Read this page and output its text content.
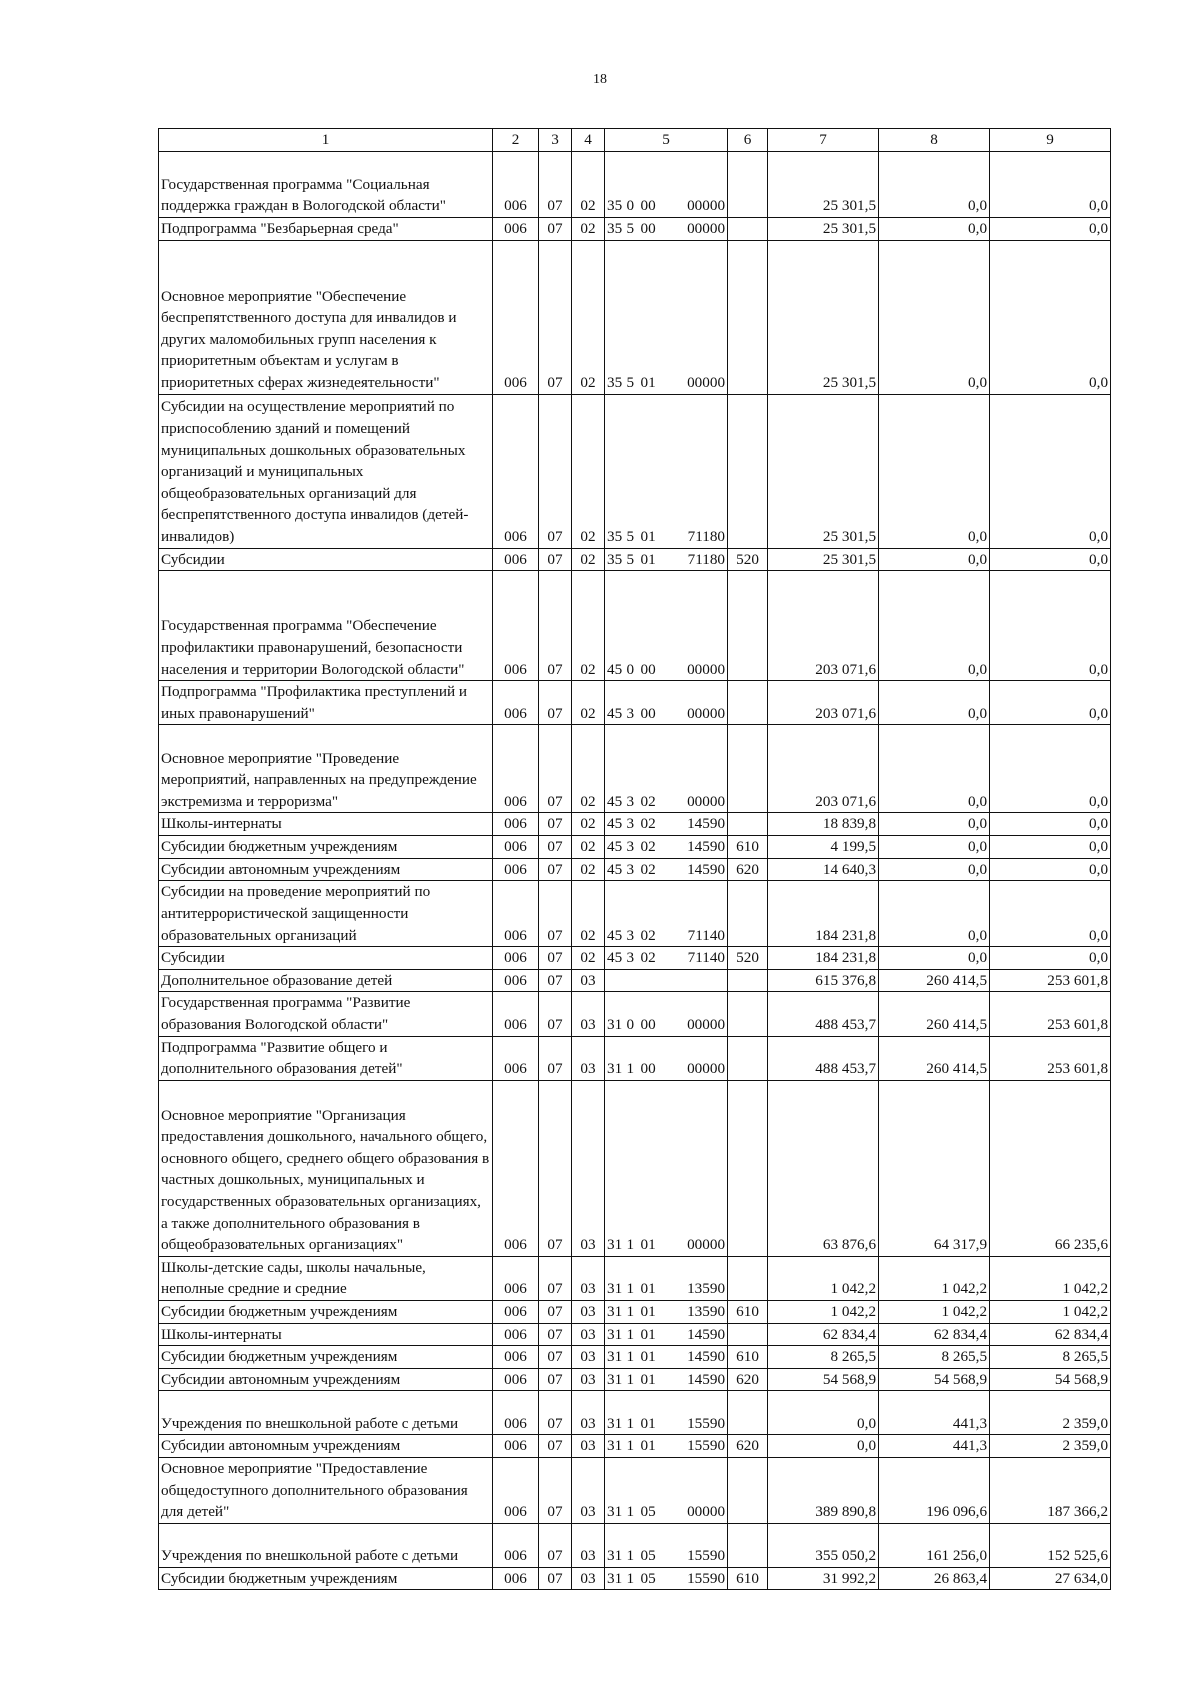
18
1	2	3	4	5				6	7	8	9
Государственная программа "Социальная поддержка граждан в Вологодской области"	006	07	02	35	0	00	00000		25 301,5	0,0	0,0
Подпрограмма "Безбарьерная среда"	006	07	02	35	5	00	00000		25 301,5	0,0	0,0
Основное мероприятие "Обеспечение беспрепятственного доступа для инвалидов и других маломобильных групп населения к приоритетным объектам и услугам в приоритетных сферах жизнедеятельности"	006	07	02	35	5	01	00000		25 301,5	0,0	0,0
Субсидии на осуществление мероприятий по приспособлению зданий и помещений муниципальных дошкольных образовательных организаций и муниципальных общеобразовательных организаций для беспрепятственного доступа инвалидов (детей-инвалидов)	006	07	02	35	5	01	71180		25 301,5	0,0	0,0
Субсидии	006	07	02	35	5	01	71180	520	25 301,5	0,0	0,0
Государственная программа "Обеспечение профилактики правонарушений, безопасности населения и территории Вологодской области"	006	07	02	45	0	00	00000		203 071,6	0,0	0,0
Подпрограмма "Профилактика преступлений и иных правонарушений"	006	07	02	45	3	00	00000		203 071,6	0,0	0,0
Основное мероприятие "Проведение мероприятий, направленных на предупреждение экстремизма и терроризма"	006	07	02	45	3	02	00000		203 071,6	0,0	0,0
Школы-интернаты	006	07	02	45	3	02	14590		18 839,8	0,0	0,0
Субсидии бюджетным учреждениям	006	07	02	45	3	02	14590	610	4 199,5	0,0	0,0
Субсидии автономным учреждениям	006	07	02	45	3	02	14590	620	14 640,3	0,0	0,0
Субсидии на проведение мероприятий по антитеррористической защищенности образовательных организаций	006	07	02	45	3	02	71140		184 231,8	0,0	0,0
Субсидии	006	07	02	45	3	02	71140	520	184 231,8	0,0	0,0
Дополнительное образование детей	006	07	03						615 376,8	260 414,5	253 601,8
Государственная программа "Развитие образования Вологодской области"	006	07	03	31	0	00	00000		488 453,7	260 414,5	253 601,8
Подпрограмма "Развитие общего и дополнительного образования детей"	006	07	03	31	1	00	00000		488 453,7	260 414,5	253 601,8
Основное мероприятие "Организация предоставления дошкольного, начального общего, основного общего, среднего общего образования в частных дошкольных, муниципальных и государственных образовательных организациях, а также дополнительного образования в общеобразовательных организациях"	006	07	03	31	1	01	00000		63 876,6	64 317,9	66 235,6
Школы-детские сады, школы начальные, неполные средние и средние	006	07	03	31	1	01	13590		1 042,2	1 042,2	1 042,2
Субсидии бюджетным учреждениям	006	07	03	31	1	01	13590	610	1 042,2	1 042,2	1 042,2
Школы-интернаты	006	07	03	31	1	01	14590		62 834,4	62 834,4	62 834,4
Субсидии бюджетным учреждениям	006	07	03	31	1	01	14590	610	8 265,5	8 265,5	8 265,5
Субсидии автономным учреждениям	006	07	03	31	1	01	14590	620	54 568,9	54 568,9	54 568,9
Учреждения по внешкольной работе с детьми	006	07	03	31	1	01	15590		0,0	441,3	2 359,0
Субсидии автономным учреждениям	006	07	03	31	1	01	15590	620	0,0	441,3	2 359,0
Основное мероприятие "Предоставление общедоступного дополнительного образования для детей"	006	07	03	31	1	05	00000		389 890,8	196 096,6	187 366,2
Учреждения по внешкольной работе с детьми	006	07	03	31	1	05	15590		355 050,2	161 256,0	152 525,6
Субсидии бюджетным учреждениям	006	07	03	31	1	05	15590	610	31 992,2	26 863,4	27 634,0
